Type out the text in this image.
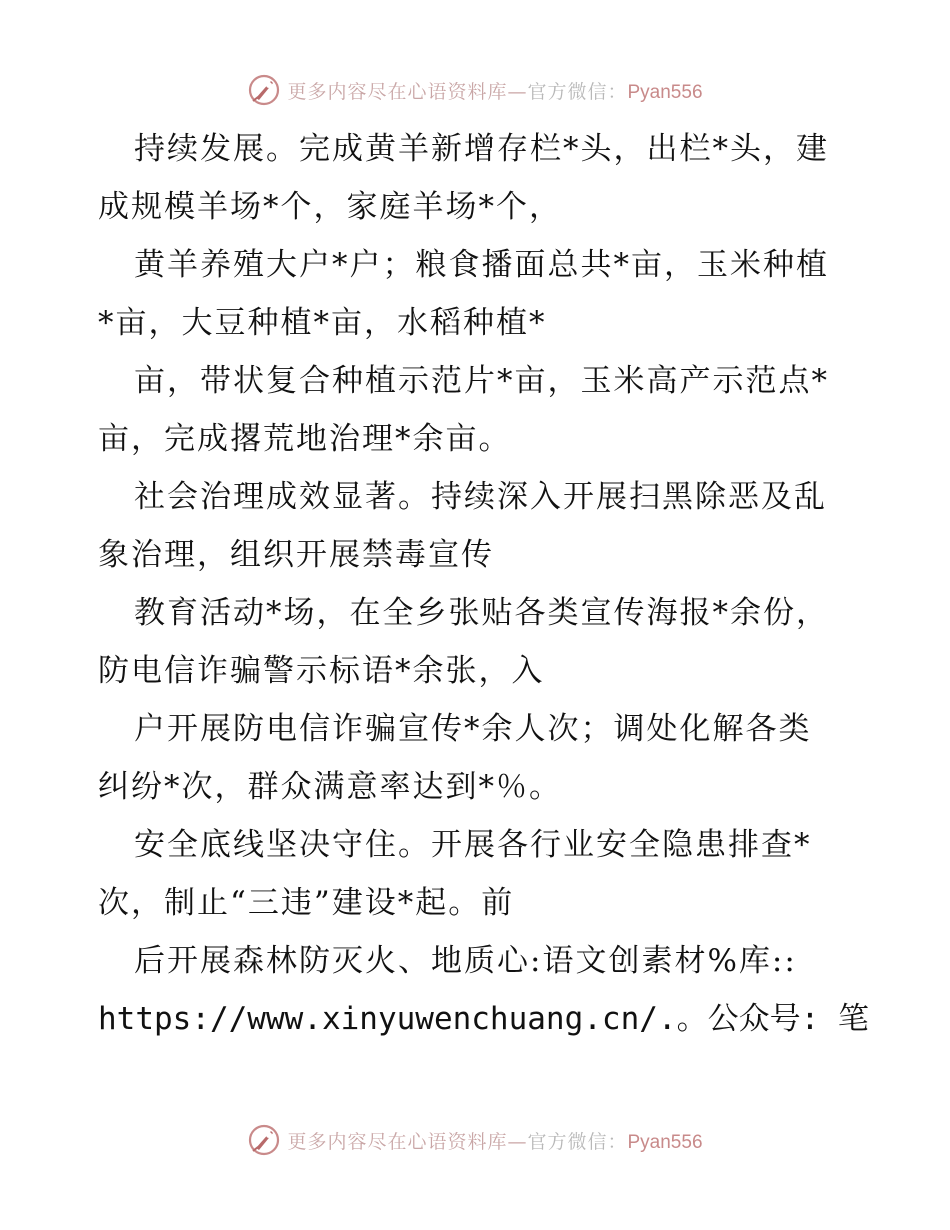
更多内容尽在心语资料库—官方微信：Pyan556
持续发展。完成黄羊新增存栏*头，出栏*头，建
成规模羊场*个，家庭羊场*个，
黄羊养殖大户*户；粮食播面总共*亩，玉米种植
*亩，大豆种植*亩，水稻种植*
亩，带状复合种植示范片*亩，玉米高产示范点*
亩，完成撂荒地治理*余亩。
社会治理成效显著。持续深入开展扫黑除恶及乱
象治理，组织开展禁毒宣传
教育活动*场，在全乡张贴各类宣传海报*余份，
防电信诈骗警示标语*余张，入
户开展防电信诈骗宣传*余人次；调处化解各类
纠纷*次，群众满意率达到*％。
安全底线坚决守住。开展各行业安全隐患排查*
次，制止“三违”建设*起。前
后开展森林防灭火、地质心:语文创素材%库::
https://www.xinyuwenchuang.cn/.。公众号: 笔
更多内容尽在心语资料库—官方微信：Pyan556
